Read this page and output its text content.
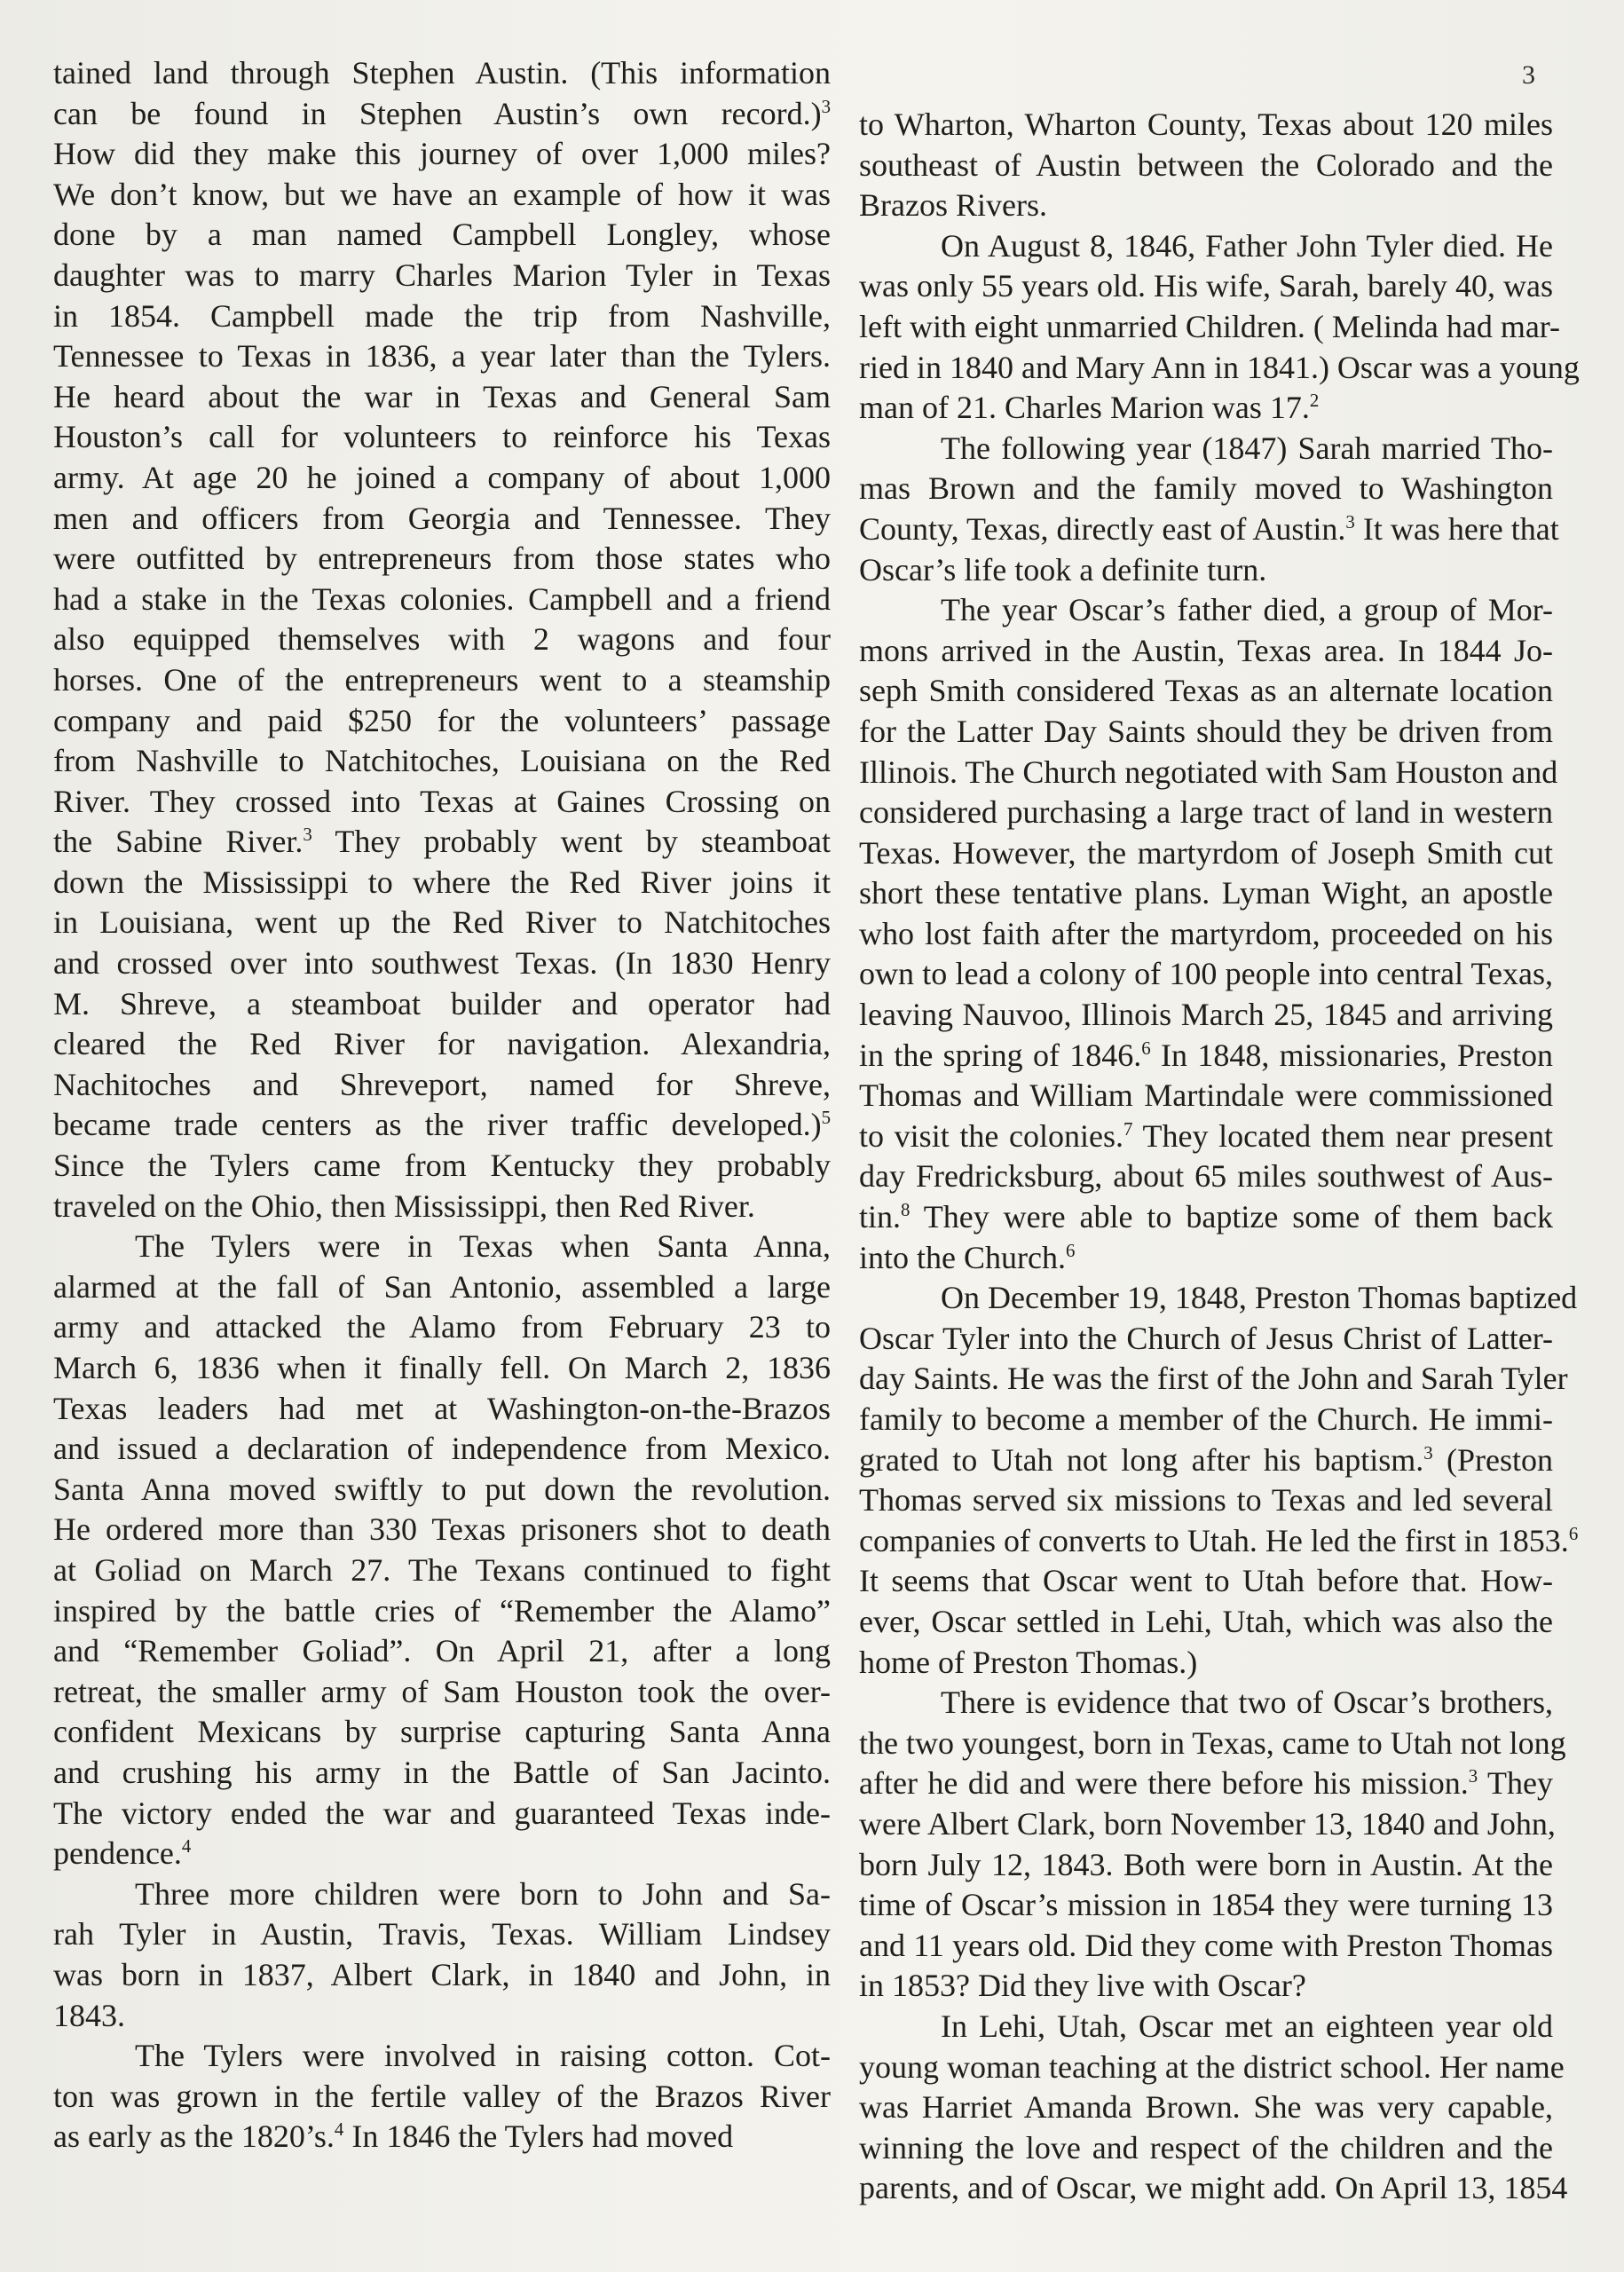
3

tained land through Stephen Austin. (This information
can be found in Stephen Austin’s own record.)$^3$
How did they make this journey of over 1,000 miles?
We don’t know, but we have an example of how it was
done by a man named Campbell Longley, whose
daughter was to marry Charles Marion Tyler in Texas
in 1854. Campbell made the trip from Nashville,
Tennessee to Texas in 1836, a year later than the Tylers.
He heard about the war in Texas and General Sam
Houston’s call for volunteers to reinforce his Texas
army. At age 20 he joined a company of about 1,000
men and officers from Georgia and Tennessee. They
were outfitted by entrepreneurs from those states who
had a stake in the Texas colonies. Campbell and a friend
also equipped themselves with 2 wagons and four
horses. One of the entrepreneurs went to a steamship
company and paid $250 for the volunteers’ passage
from Nashville to Natchitoches, Louisiana on the Red
River. They crossed into Texas at Gaines Crossing on
the Sabine River.$^3$ They probably went by steamboat
down the Mississippi to where the Red River joins it
in Louisiana, went up the Red River to Natchitoches
and crossed over into southwest Texas. (In 1830 Henry
M. Shreve, a steamboat builder and operator had
cleared the Red River for navigation. Alexandria,
Nachitoches and Shreveport, named for Shreve,
became trade centers as the river traffic developed.)$^5$
Since the Tylers came from Kentucky they probably
traveled on the Ohio, then Mississippi, then Red River.

The Tylers were in Texas when Santa Anna,
alarmed at the fall of San Antonio, assembled a large
army and attacked the Alamo from February 23 to
March 6, 1836 when it finally fell. On March 2, 1836
Texas leaders had met at Washington-on-the-Brazos
and issued a declaration of independence from Mexico.
Santa Anna moved swiftly to put down the revolution.
He ordered more than 330 Texas prisoners shot to death
at Goliad on March 27. The Texans continued to fight
inspired by the battle cries of “Remember the Alamo”
and “Remember Goliad”. On April 21, after a long
retreat, the smaller army of Sam Houston took the over-
confident Mexicans by surprise capturing Santa Anna
and crushing his army in the Battle of San Jacinto.
The victory ended the war and guaranteed Texas inde-
pendence.$^4$

Three more children were born to John and Sa-
rah Tyler in Austin, Travis, Texas. William Lindsey
was born in 1837, Albert Clark, in 1840 and John, in
1843.

The Tylers were involved in raising cotton. Cot-
ton was grown in the fertile valley of the Brazos River
as early as the 1820’s.$^4$ In 1846 the Tylers had moved

to Wharton, Wharton County, Texas about 120 miles
southeast of Austin between the Colorado and the
Brazos Rivers.

On August 8, 1846, Father John Tyler died. He
was only 55 years old. His wife, Sarah, barely 40, was
left with eight unmarried Children. ( Melinda had mar-
ried in 1840 and Mary Ann in 1841.) Oscar was a young
man of 21. Charles Marion was 17.$^2$

The following year (1847) Sarah married Tho-
mas Brown and the family moved to Washington
County, Texas, directly east of Austin.$^3$ It was here that
Oscar’s life took a definite turn.

The year Oscar’s father died, a group of Mor-
mons arrived in the Austin, Texas area. In 1844 Jo-
seph Smith considered Texas as an alternate location
for the Latter Day Saints should they be driven from
Illinois. The Church negotiated with Sam Houston and
considered purchasing a large tract of land in western
Texas. However, the martyrdom of Joseph Smith cut
short these tentative plans. Lyman Wight, an apostle
who lost faith after the martyrdom, proceeded on his
own to lead a colony of 100 people into central Texas,
leaving Nauvoo, Illinois March 25, 1845 and arriving
in the spring of 1846.$^6$ In 1848, missionaries, Preston
Thomas and William Martindale were commissioned
to visit the colonies.$^7$ They located them near present
day Fredricksburg, about 65 miles southwest of Aus-
tin.$^8$ They were able to baptize some of them back
into the Church.$^6$

On December 19, 1848, Preston Thomas baptized
Oscar Tyler into the Church of Jesus Christ of Latter-
day Saints. He was the first of the John and Sarah Tyler
family to become a member of the Church. He immi-
grated to Utah not long after his baptism.$^3$ (Preston
Thomas served six missions to Texas and led several
companies of converts to Utah. He led the first in 1853.$^6$
It seems that Oscar went to Utah before that. How-
ever, Oscar settled in Lehi, Utah, which was also the
home of Preston Thomas.)

There is evidence that two of Oscar’s brothers,
the two youngest, born in Texas, came to Utah not long
after he did and were there before his mission.$^3$ They
were Albert Clark, born November 13, 1840 and John,
born July 12, 1843. Both were born in Austin. At the
time of Oscar’s mission in 1854 they were turning 13
and 11 years old. Did they come with Preston Thomas
in 1853? Did they live with Oscar?

In Lehi, Utah, Oscar met an eighteen year old
young woman teaching at the district school. Her name
was Harriet Amanda Brown. She was very capable,
winning the love and respect of the children and the
parents, and of Oscar, we might add. On April 13, 1854
